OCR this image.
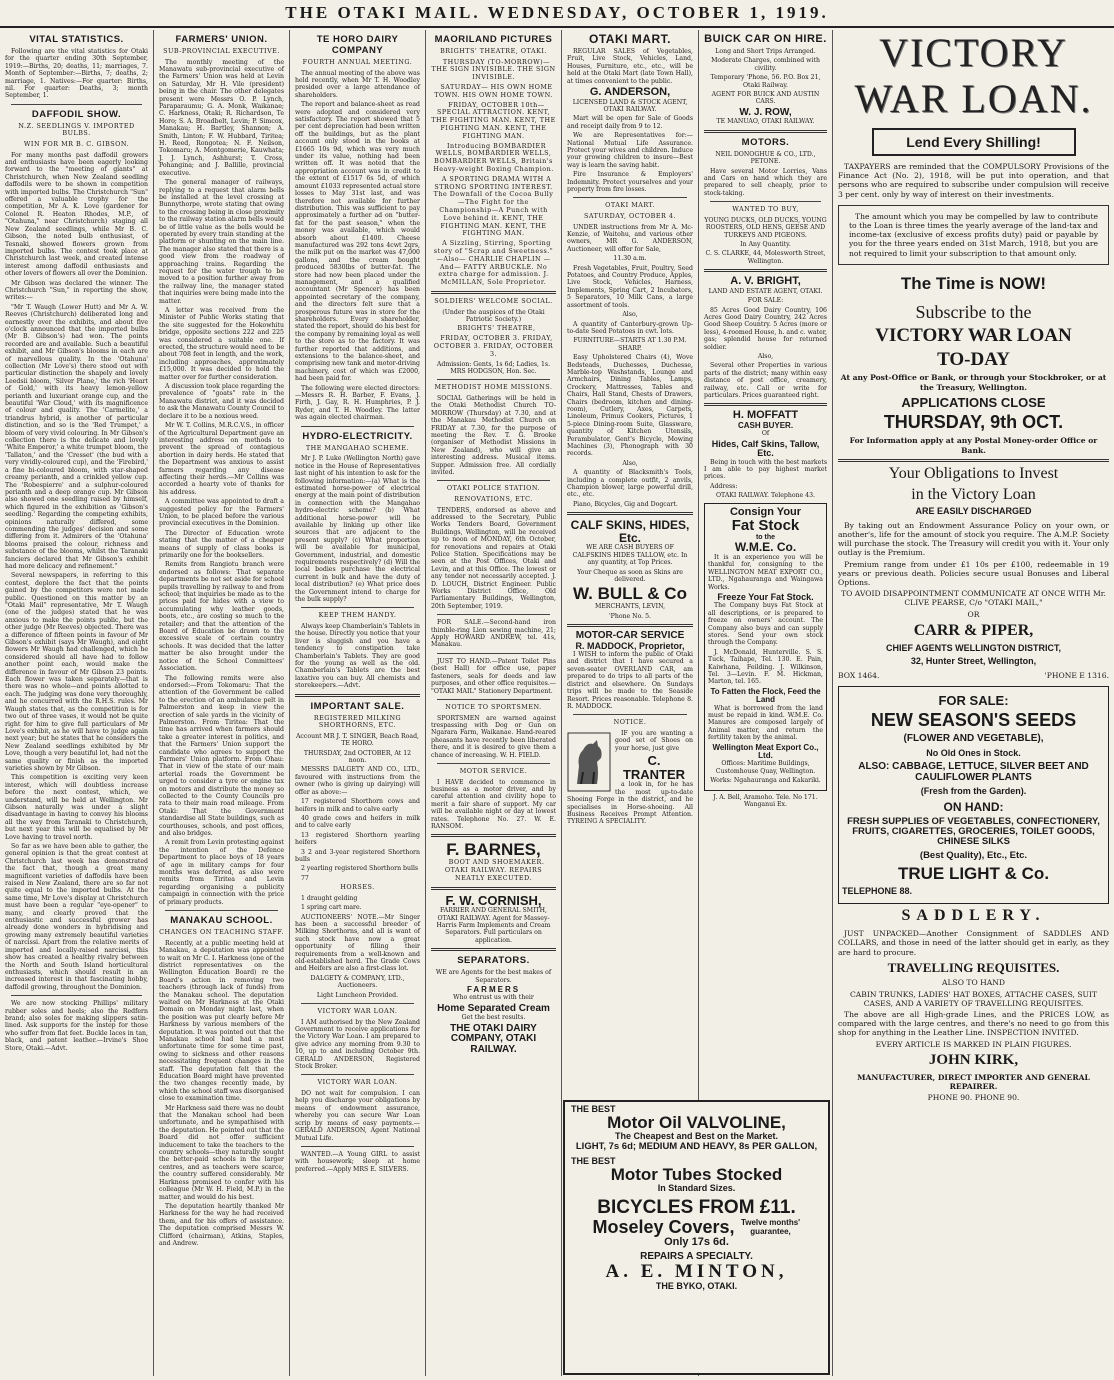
THE OTAKI MAIL. WEDNESDAY, OCTOBER 1, 1919.
VITAL STATISTICS.

Following are the vital statistics for Otaki for the quarter ending 30th September, 1919:—Births, 20; deaths, 11; marriages, 7. Month of September:—Births, 7; deaths, 2; marriage, 1. Natives:—For quarter: Births, nil. For quarter: Deaths, 3; month September, 1.

DAFFODIL SHOW.
N.Z. SEEDLINGS V. IMPORTED BULBS.
WIN FOR MR B. C. GIBSON.

For many months past daffodil growers and enthusiasts have been eagerly looking forward to the "meeting of giants" at Christchurch, when New Zealand seedling daffodils were to be shown in competition with imported bulbs. The Christchurch "Sun" offered a valuable trophy for the competition, Mr A. K. Love (gardener for Colonel R. Heaton Rhodes, M.P., of "Otahuna," near Christchurch) staging all New Zealand seedlings, while Mr B. C. Gibson, the noted bulb enthusiast, of Tesnaki, showed flowers grown from imported bulbs. The contest took place at Christchurch last week, and created intense interest among daffodil enthusiasts and other lovers of flowers all over the Dominion.

Mr Gibson was declared the winner. The Christchurch "Sun," in reporting the show, writes:—

"Mr T. Waugh (Lower Hutt) and Mr A. W. Reeves (Christchurch) deliberated long and earnestly over the exhibits, and about five o'clock announced that the imported bulbs (Mr B. Gibson's) had won. The points recorded are and available. Such a beautiful exhibit, and Mr Gibson's blooms in each are of marvellous quality. In the 'Otahuna' collection (Mr Love's) there stood out with particular distinction the shapely and lovely Leedsii bloom, 'Silver Plane,' the rich 'Heart of Gold,' with its heavy lemon-yellow perianth and luxuriant orange cup, and the beautiful 'War Cloud,' with its magnificence of colour and quality. The 'Carmelite,' a triandrus hybrid, is another of particular distinction, and so is the 'Red Trumpet,' a bloom of very vivid colouring. In Mr Gibson's collection there is the delicate and lovely 'White Emperor,' a white trumpet bloom, the 'Tallaton,' and the 'Cresset' (the bud with a very vividly-coloured cup), and the 'Firebird,' a fine bi-coloured bloom, with star-shaped creamy perianth, and a crinkled yellow cup. The 'Robespierre' and a sulphur-coloured perianth and a deep orange cup. Mr Gibson also showed one seedling raised by himself, which figured in the exhibition as 'Gibson's seedling.' Regarding the competing exhibits, opinions naturally differed, some commending the judges' decision and some differing from it. Admirers of the 'Otahuna' blooms praised the colour, richness and substance of the blooms, whilst the Taranaki fanciers declared that Mr Gibson's exhibit had more delicacy and refinement."

Several newspapers, in referring to this contest, deplore the fact that the points gained by the competitors were not made public. Questioned on this matter by an "Otaki Mail" representative, Mr T. Waugh (one of the judges) stated that he was anxious to make the points public, but the other judge (Mr Reeves) objected. There was a difference of fifteen points in favour of Mr Gibson's exhibit (says Mr Waugh), and eight flowers Mr Waugh had challenged, which he considered should all have had to follow another point each, would make the difference in favour of Mr Gibson 23 points. Each flower was taken separately—that is there was no whole—and points allotted to each. The judging was done very thoroughly, and he concurred with the R.H.S. rules. Mr Waugh states that, as the competition is for two out of three vases, it would not be quite right for him to give full particulars of Mr Love's exhibit, as he will have to judge again next year; but he states that he considers the New Zealand seedlings exhibited by Mr Love, though a very beautiful lot, had not the same quality or finish as the imported varieties shown by Mr Gibson.

This competition is exciting very keen interest, which will doubtless increase before the next contest, which, we understand, will be held at Wellington. Mr Gibson naturally was under a slight disadvantage in having to convey his blooms all the way from Taranaki to Christchurch, but next year this will be equalised by Mr Love having to travel north.

So far as we have been able to gather, the general opinion is that the great contest at Christchurch last week has demonstrated the fact that, though a great many magnificent varieties of daffodils have been raised in New Zealand, there are so far not quite equal to the imported bulbs. At the same time, Mr Love's display at Christchurch must have been a regular "eye-opener" to many, and clearly proved that the enthusiastic and successful grower has already done wonders in hybridising and growing many extremely beautiful varieties of narcissi. Apart from the relative merits of imported and locally-raised narcissi, this show has created a healthy rivalry between the North and South Island horticultural enthusiasts, which should result in an increased interest in that fascinating hobby, daffodil growing, throughout the Dominion.

We are now stocking Phillips' military rubber soles and heels; also the Redfern brand; also soles for making slippers satin-lined. Ask supports for the instep for those who suffer from flat feet. Buckle laces in tan, black, and patent leather.—Irvine's Shoe Store, Otaki.—Advt.

FARMERS' UNION.
SUB-PROVINCIAL EXECUTIVE.

The monthly meeting of the Manawatu sub-provincial executive of the Farmers' Union was held at Levin on Saturday, Mr H. Vile (president) being in the chair. The other delegates present were Messrs O. P. Lynch, Paraparaumu; G. A. Monk, Waikanae; C. Harkness, Otaki; R. Richardson, Te Horo; S. A. Broadbelt, Levin; P. Simcox, Manakau; H. Bartley, Shannon; A. Smith, Linton; F. W. Hubbard, Tiritea; H. Reed, Rongotea; N. F. Neilson, Tokomaru; A. Montgomerie, Kauwhata; J. J. Lynch, Ashhurst; T. Cross, Pohangina; and J. Ballille, provincial executive.

The general manager of railways, replying to a request that alarm bells be installed at the level crossing at Bunnythorpe, wrote stating that owing to the crossing being in close proximity to the railway station alarm bells would be of little value as the bells would be operated by every train standing at the platform or shunting on the main line. The manager also stated that there is a good view from the roadway of approaching trains. Regarding the request for the water trough to be moved to a position further away from the railway line, the manager stated that inquiries were being made into the matter.

A letter was received from the Minister of Public Works stating that the site suggested for the Hokowhitu bridge, opposite sections 222 and 225 was considered a suitable one. If erected, the structure would need to be about 708 feet in length, and the work, including approaches, approximately £15,000. It was decided to hold the matter over for further consideration.

A discussion took place regarding the prevalence of "goats" rate in the Manawatu district, and it was decided to ask the Manawatu County Council to declare it to be a noxious weed.

Mr W. T. Collins, M.R.C.V.S., in officer of the Agricultural Department gave an interesting address on methods to prevent the spread of contagious abortion in dairy herds. He stated that the Department was anxious to assist farmers regarding any disease affecting their herds.—Mr Collins was accorded a hearty vote of thanks for his address.

A committee was appointed to draft a suggested policy for the Farmers' Union, to be placed before the various provincial executives in the Dominion.

The Director of Education wrote stating that the matter of a cheaper means of supply of class books is primarily one for the booksellers.

Remits from Rangiotu branch were endorsed as follows: That separate departments be not set aside for school pupils travelling by railway to and from school; that inquiries be made as to the prices paid for hides with a view to accumulating why leather goods, boots, etc., are costing so much to the retailer; and that the attention of the Board of Education be drawn to the excessive scale of certain country schools. It was decided that the latter matter be also brought under the notice of the School Committees' Association.

The following remits were also endorsed:—From Tokomaru: That the attention of the Government be called to the erection of an ambulance pelt in Palmerston and keep in view the erection of sale yards in the vicinity of Palmerston. From Tiritea: That the time has arrived when farmers should take a greater interest in politics, and that the Farmers' Union support the candidate who agrees to support the Farmers' Union platform. From Ohau: That in view of the state of our main arterial roads the Government be urged to consider a tyre or engine tax on motors and distribute the money so collected to the County Councils pro rata to their main road mileage. From Otaki: That the Government standardise all State buildings, such as courthouses, schools, and post offices, and also bridges.

A remit from Levin protesting against the intention of the Defence Department to place boys of 18 years of age in military camps for four months was deferred, as also were remits from Tiritea and Levin regarding organising a publicity campaign in connection with the price of primary products.

MANAKAU SCHOOL.
CHANGES ON TEACHING STAFF.

Recently, at a public meeting held at Manakau, a deputation was appointed to wait on Mr C. I. Harkness (one of the district representatives on the Wellington Education Board) re the Board's action in removing two teachers (through lack of funds) from the Manakau school. The deputation waited on Mr Harkness at the Otaki Domain on Monday night last, when the position was put clearly before Mr Harkness by various members of the deputation. It was pointed out that the Manakau school had had a most unfortunate time for some time past, owing to sickness and other reasons necessitating frequent changes in the staff. The deputation felt that the Education Board might have prevented the two changes recently made, by which the school staff was disorganised close to examination time.

Mr Harkness said there was no doubt that the Manakau school had been unfortunate, and he sympathised with the deputation. He pointed out that the Board did not offer sufficient inducement to take the teachers to the country schools—they naturally sought the better-paid schools in the larger centres, and as teachers were scarce, the country suffered considerably. Mr Harkness promised to confer with his colleague (Mr W. H. Field, M.P.) in the matter, and would do his best.

The deputation heartily thanked Mr Harkness for the way he had received them, and for his offers of assistance. The deputation comprised Messrs W. Clifford (chairman), Atkins, Staples, and Andrew.

TE HORO DAIRY COMPANY
FOURTH ANNUAL MEETING.

The annual meeting of the above was held recently, when Mr T. H. Woodley presided over a large attendance of shareholders.

The report and balance-sheet as read were adopted and considered very satisfactory. The report showed that 5 per cent depreciation had been written off the buildings, but as the plant account only stood in the books at £1665 10s 9d, which was very much under its value, nothing had been written off. It was noted that the appropriation account was in credit to the extent of £1517 6s 5d, of which amount £1033 represented actual store losses to May 31st last, and was therefore not available for further distribution. This was sufficient to pay approximately a further ad on "butter-fat for the past season," when the money was available, which would absorb about £1400. Cheese manufactured was 292 tons 4cwt 2qrs, the milk put on the market was 47,000 gallons, and the cream bought produced 5830lbs of butter-fat. The store had now been placed under the management, and a qualified accountant (Mr Spencer) has been appointed secretary of the company, and the directors felt sure that a prosperous future was in store for the shareholders. Every shareholder, stated the report, should do his best for the company by remaining loyal as well to the store as to the factory. It was further reported that additions, and extensions to the balance-sheet, and comprising new tank and motor-driving machinery, cost of which was £2000, had been paid for.

The following were elected directors:—Messrs R. H. Barber, F. Evans, J. Firth, J. Gay, R. H. Humphries, P. J. Ryder, and T. H. Woodley. The latter was again elected chairman.

HYDRO-ELECTRICITY.
THE MANGAHAO SCHEME.

Mr J. P. Luke (Wellington North) gave notice in the House of Representatives last night of his intention to ask for the following information:—(a) What is the estimated horse-power of electrical energy at the main point of distribution in connection with the Mangahao hydro-electric scheme? (b) What additional horse-power will be available by linking up other like sources that are adjacent to the present supply? (c) What proportion will be available for municipal, Government, industrial, and domestic requirements respectively? (d) Will the local bodies purchase the electrical current in bulk and have the duty of local distribution? (e) What price does the Government intend to charge for the bulk supply?

KEEP THEM HANDY.

Always keep Chamberlain's Tablets in the house. Directly you notice that your liver is sluggish and you have a tendency to constipation take Chamberlain's Tablets. They are good for the young as well as the old. Chamberlain's Tablets are the best laxative you can buy. All chemists and storekeepers.—Advt.

IMPORTANT SALE.
REGISTERED MILKING SHORTHORNS, ETC.

Account MR J. T. SINGER, Beach Road, TE HORO.

THURSDAY, 2nd OCTOBER, At 12 noon.

MESSRS DALGETY AND CO., LTD., favoured with instructions from the owner (who is giving up dairying) will offer as above:—

17 registered Shorthorn cows and heifers in milk and to calve early

40 grade cows and heifers in milk and to calve early

13 registered Shorthorn yearling heifers

3 2 and 3-year registered Shorthorn bulls

2 yearling registered Shorthorn bulls

77

HORSES.

1 draught gelding

1 spring cart mare.

AUCTIONEERS' NOTE.—Mr Singer has been a successful breeder of Milking Shorthorns, and all is want of such stock have now a great opportunity of filling their requirements from a well-known and old-established herd. The Grade Cows and Heifers are also a first-class lot.

DALGETY & COMPANY, LTD., Auctioneers.

Light Luncheon Provided.

VICTORY WAR LOAN.

I AM authorised by the New Zealand Government to receive applications for the Victory War Loan. I am prepared to give advice any morning from 9.30 to 10, up to and including October 9th. GERALD ANDERSON, Registered Stock Broker.

VICTORY WAR LOAN.

DO not wait for compulsion. I can help you discharge your obligations by means of endowment assurance, whereby you can secure War Loan scrip by means of easy payments.—GERALD ANDERSON, Agent National Mutual Life.

WANTED.—A Young GIRL to assist with housework; sleep at home preferred.—Apply MRS E. SILVERS.

MAORILAND PICTURES
BRIGHTS' THEATRE, OTAKI.

THURSDAY (TO-MORROW)— THE SIGN INVISIBLE. THE SIGN INVISIBLE.

SATURDAY— HIS OWN HOME TOWN. HIS OWN HOME TOWN.

FRIDAY, OCTOBER 10th— SPECIAL ATTRACTION. KENT, THE FIGHTING MAN. KENT, THE FIGHTING MAN. KENT, THE FIGHTING MAN.

Introducing BOMBARDIER WELLS, BOMBARDIER WELLS, BOMBARDIER WELLS, Britain's Heavy-weight Boxing Champion.

A SPORTING DRAMA WITH A STRONG SPORTING INTEREST. The Downfall of the Cocoa Bully—The Fight for the Championship—A Punch with Love behind it. KENT, THE FIGHTING MAN. KENT, THE FIGHTING MAN.

A Sizzling, Stirring, Sporting story of "Scrap and Sweetness." —Also— CHARLIE CHAPLIN —And— FATTY ARBUCKLE. No extra charge for admission. J. McMILLAN, Sole Proprietor.

SOLDIERS' WELCOME SOCIAL.

(Under the auspices of the Otaki Patriotic Society.)

BRIGHTS' THEATRE,

FRIDAY, OCTOBER 3. FRIDAY, OCTOBER 3. FRIDAY, OCTOBER 3.

Admission: Gents, 1s 6d; Ladies, 1s. MRS HODGSON, Hon. Sec.

METHODIST HOME MISSIONS.

SOCIAL Gatherings will be held in the Otaki Methodist Church TO-MORROW (Thursday) at 7.30, and at the Manakau Methodist Church on FRIDAY at 7.30, for the purpose of meeting the Rev. T. G. Brooke (organiser of Methodist Missions in New Zealand), who will give an interesting address. Musical items. Supper. Admission free. All cordially invited.

OTAKI POLICE STATION.
RENOVATIONS, ETC.

TENDERS, endorsed as above and addressed to the Secretary, Public Works Tenders Board, Government Buildings, Wellington, will be received up to noon of MONDAY, 6th October, for renovations and repairs at Otaki Police Station. Specifications may be seen at the Post Offices, Otaki and Levin, and at this Office. The lowest or any tender not necessarily accepted. J. D. LOUCH, District Engineer. Public Works District Office, Old Parliamentary Buildings, Wellington, 20th September, 1919.

FOR SALE.—Second-hand iron thimble-ring Lion sewing machine, 21; Apply HOWARD ANDREW, tel. 41s, Manakau.

JUST TO HAND.—Patent Toilet Pins (best Hall) for office use, paper fasteners, seals for deeds and law purposes, and other office requisites.— "OTAKI MAIL" Stationery Department.

NOTICE TO SPORTSMEN.

SPORTSMEN are warned against trespassing with Dog or Gun on Ngarara Farm, Waikanae. Hand-reared pheasants have recently been liberated there, and it is desired to give them a chance of increasing. W. H. FIELD.

MOTOR SERVICE.

I HAVE decided to commence in business as a motor driver, and by careful attention and civility hope to merit a fair share of support. My car will be available night or day at lowest rates. Telephone No. 27. W. E. RANSOM.

F. BARNES,

BOOT AND SHOEMAKER. OTAKI RAILWAY. REPAIRS NEATLY EXECUTED.

F. W. CORNISH,

FARRIER AND GENERAL SMITH, OTAKI RAILWAY. Agent for Massey-Harris Farm Implements and Cream Separators. Full particulars on application.

SEPARATORS.

WE are Agents for the best makes of Separators.

FARMERS

Who entrust us with their

Home Separated Cream

Get the best results.

THE OTAKI DAIRY COMPANY, OTAKI RAILWAY.
OTAKI MART.

REGULAR SALES of Vegetables, Fruit, Live Stock, Vehicles, Land, Houses, Furniture, etc., etc., will be held at the Otaki Mart (late Town Hall), at times convenient to the public.

G. ANDERSON,

LICENSED LAND & STOCK AGENT, OTAKI RAILWAY.

Mart will be open for Sale of Goods and receipt daily from 9 to 12.

We are Representatives for:— National Mutual Life Assurance. Protect your wives and children. Induce your growing children to insure—Best way is learn the saving habit.

Fire Insurance & Employers' Indemnity. Protect yourselves and your property from fire losses.

OTAKI MART.
SATURDAY, OCTOBER 4.

UNDER instructions from Mr A. Mc-Kenzie, of Waitohu, and various other owners, MR G. ANDERSON, Auctioneer, will offer for Sale,

11.30 a.m.

Fresh Vegetables, Fruit, Poultry, Seed Potatoes, and Country Produce, Apples, Live Stock, Vehicles, Harness, Implements, Spring Cart, 2 Incubators, 5 Separators, 10 Milk Cans, a large assortment of tools.

Also,

A quantity of Canterbury-grown Up-to-date Seed Potatoes in cwt. lots.

FURNITURE—STARTS AT 1.30 P.M. SHARP.

Easy Upholstered Chairs (4), Wove Bedsteads, Duchesses, Duchesse, Marble-top Washstands, Lounge and Armchairs, Dining Tables, Lamps, Crockery, Mattresses, Tables and Chairs, Hall Stand, Chests of Drawers, Chairs (bedroom, kitchen and dining-room), Cutlery, Axes, Carpets, Linoleum, Primus Cookers, Pictures, 1 5-piece Dining-room Suite, Glassware, quantity of Kitchen Utensils, Perambulator, Gent's Bicycle, Mowing Machines (3), Phonograph with 30 records.

Also,

A quantity of Blacksmith's Tools, including a complete outfit, 2 anvils, Champion blower, large powerful drill, etc., etc.

Piano, Bicycles, Gig and Dogcart.

CALF SKINS, HIDES, Etc.

WE ARE CASH BUYERS OF CALFSKINS HIDES TALLOW, etc. In any quantity, at Top Prices.

Your Cheque as soon as Skins are delivered.

W. BULL & Co

MERCHANTS, LEVIN,

'Phone No. 5.

MOTOR-CAR SERVICE
R. MADDOCK, Proprietor,

I WISH to inform the public of Otaki and district that I have secured a seven-seater OVERLAND CAR, am prepared to do trips to all parts of the district and elsewhere. On Sundays trips will be made to the Seaside Resort. Prices reasonable. Telephone 8. R. MADDOCK.

NOTICE.

IF you are wanting a good set of Shoes on your horse, just give

C. TRANTER

a look in, for he has the most up-to-date Shoeing Forge in the district, and he specialises in Horse-shoeing. All Business Receives Prompt Attention. TYREING A SPECIALITY.

BUICK CAR ON HIRE.

Long and Short Trips Arranged.

Moderate Charges, combined with civility.

Temporary 'Phone, 56. P.O. Box 21, Otaki Railway.

AGENT FOR BUICK AND AUSTIN CARS.

W. J. ROW,

TE MANUAO, OTAKI RAILWAY.

MOTORS.

NEIL DONOGHUE & CO., LTD., PETONE.

Have several Motor Lorries, Vans and Cars on hand which they are prepared to sell cheaply, prior to stock-taking.

WANTED TO BUY,

YOUNG DUCKS, OLD DUCKS, YOUNG ROOSTERS, OLD HENS, GEESE AND TURKEYS AND PIGEONS.

In Any Quantity.

C. S. CLARKE, 44, Molesworth Street, Wellington.

A. V. BRIGHT,

LAND AND ESTATE AGENT, OTAKI.

FOR SALE:

85 Acres Good Dairy Country, 106 Acres Good Dairy Country, 242 Acres Good Sheep Country. 5 Acres (more or less), 4-roomed House, h. and c. water, gas; splendid house for returned soldier.

Also,

Several other Properties in various parts of the district; many within easy distance of post office, creamery, railway, etc. Call or write for particulars. Prices guaranteed right.

H. MOFFATT
CASH BUYER.

Of

Hides, Calf Skins, Tallow, Etc.

Being in touch with the best markets I am able to pay highest market prices.

Address:

OTAKI RAILWAY. Telephone 43.

Consign Your
Fat Stock
to the
W.M.E. Co.

It is an experience you will be thankful for, consigning to the WELLINGTON MEAT EXPORT CO., LTD., Ngahauranga and Waingawa Works.

Freeze Your Fat Stock.

The Company buys Fat Stock at all descriptions, or is prepared to freeze on owners' account. The Company also buys and can supply stores. Send your own stock through the Company.

J. McDonald, Hunterville. S. S. Tuck, Taihape, Tel. 130. E. Pain, Kaiwhana, Feilding. J. Wilkinson, Tel. 3—Levin. F. M. Hickman, Marton, tel. 165.

To Fatten the Flock, Feed the Land

What is borrowed from the land must be repaid in kind. W.M.E. Co. Manures are composed largely of Animal matter, and return the fertility taken by the animal.

Wellington Meat Export Co., Ltd.

Offices: Maritime Buildings, Customhouse Quay, Wellington.

Works: Ngahauranga and Kakariki.

J. A. Bell, Aramoho. Tele. No 171. Wanganui Ex.

VICTORY WAR LOAN.
Lend Every Shilling!

TAXPAYERS are reminded that the COMPULSORY Provisions of the Finance Act (No. 2), 1918, will be put into operation, and that persons who are required to subscribe under compulsion will receive 3 per cent. only by way of interest on their investments.

The amount which you may be compelled by law to contribute to the Loan is three times the yearly average of the land-tax and income-tax (exclusive of excess profits duty) paid or payable by you for the three years ended on 31st March, 1918, but you are not required to limit your subscription to that amount only.

The Time is NOW!
Subscribe to the
VICTORY WAR LOAN
TO-DAY

At any Post-Office or Bank, or through your Stockbroker, or at the Treasury, Wellington.

APPLICATIONS CLOSE
THURSDAY, 9th OCT.

For Information apply at any Postal Money-order Office or Bank.

Your Obligations to Invest
in the Victory Loan
ARE EASILY DISCHARGED

By taking out an Endowment Assurance Policy on your own, or another's, life for the amount of stock you require. The A.M.P. Society will purchase the stock. The Treasury will credit you with it. Your only outlay is the Premium.

Premium range from under £1 10s per £100, redeemable in 19 years or previous death. Policies secure usual Bonuses and Liberal Options.

TO AVOID DISAPPOINTMENT COMMUNICATE AT ONCE WITH Mr. CLIVE PEARSE, C/o "OTAKI MAIL,"

OR

CARR & PIPER,
CHIEF AGENTS WELLINGTON DISTRICT,
32, Hunter Street, Wellington,

BOX 1464.	'PHONE E 1316.

FOR SALE:
NEW SEASON'S SEEDS
(FLOWER AND VEGETABLE),
No Old Ones in Stock.
ALSO: CABBAGE, LETTUCE, SILVER BEET AND CAULIFLOWER PLANTS
(Fresh from the Garden).
ON HAND:
FRESH SUPPLIES OF VEGETABLES, CONFECTIONERY, FRUITS, CIGARETTES, GROCERIES, TOILET GOODS, CHINESE SILKS
(Best Quality), Etc., Etc.
TRUE LIGHT & Co.
TELEPHONE 88.
SADDLERY.

JUST UNPACKED—Another Consignment of SADDLES AND COLLARS, and those in need of the latter should get in early, as they are hard to procure.

TRAVELLING REQUISITES.

ALSO TO HAND

CABIN TRUNKS, LADIES' HAT BOXES, ATTACHE CASES, SUIT CASES, AND A VARIETY OF TRAVELLING REQUISITES.

The above are all High-grade Lines, and the PRICES LOW, as compared with the large centres, and there's no need to go from this shop for anything in the Leather Line. INSPECTION INVITED.

EVERY ARTICLE IS MARKED IN PLAIN FIGURES.

JOHN KIRK,

MANUFACTURER, DIRECT IMPORTER AND GENERAL REPAIRER.

PHONE 90. PHONE 90.

THE BEST
Motor Oil VALVOLINE,
The Cheapest and Best on the Market.
LIGHT, 7s 6d; MEDIUM AND HEAVY, 8s PER GALLON,
THE BEST
Motor Tubes Stocked
In Standard Sizes.
BICYCLES FROM £11.
Moseley Covers, Twelve months' guarantee,
Only 17s 6d.
REPAIRS A SPECIALTY.
A. E. MINTON,
THE BYKO, OTAKI.
